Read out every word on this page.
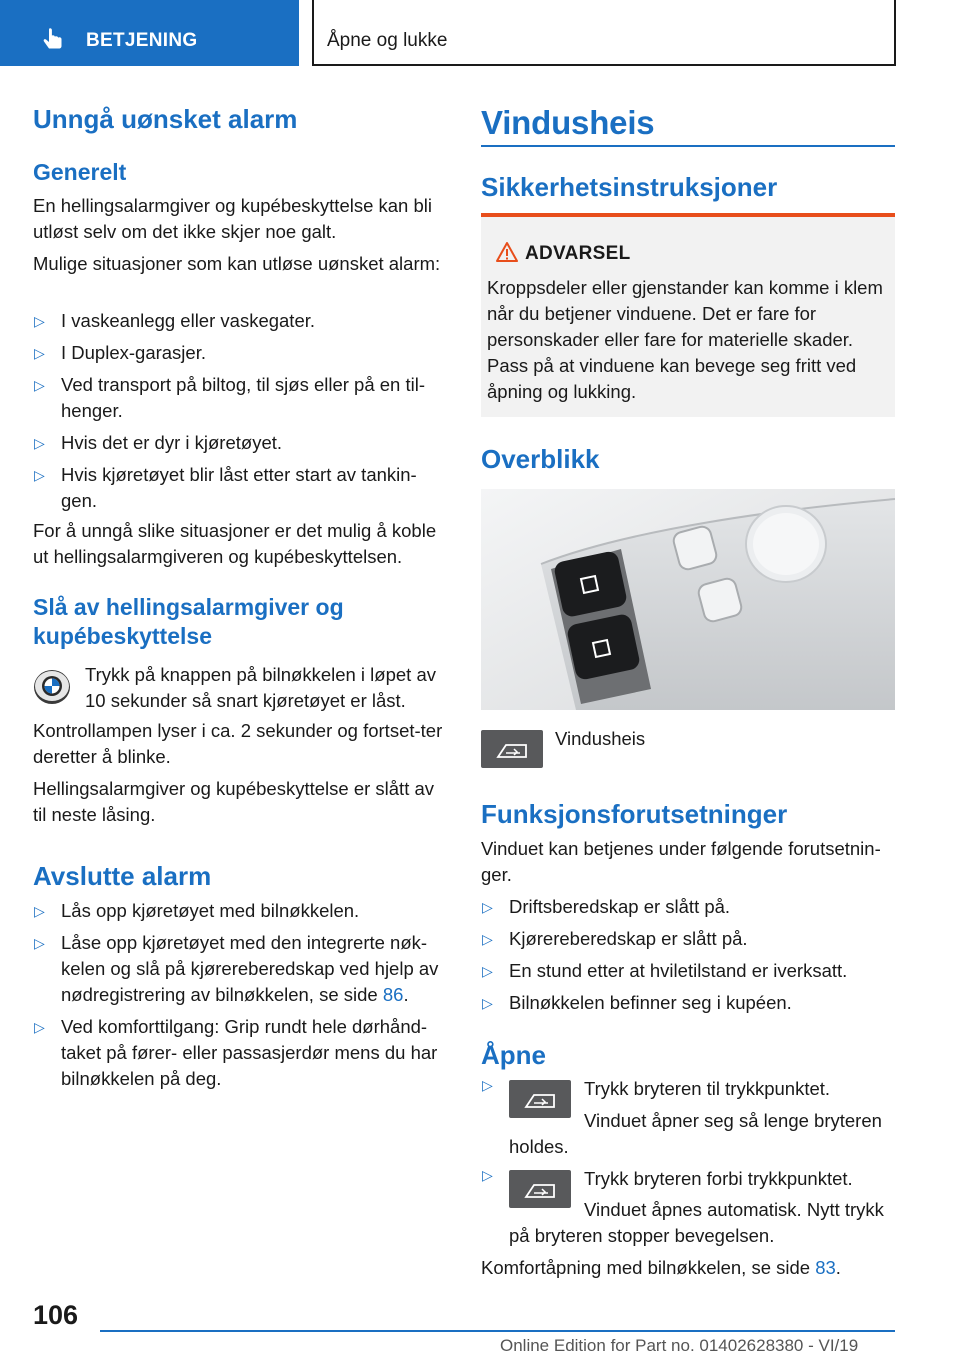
BETJENING	Åpne og lukke
Unngå uønsket alarm
Generelt

En hellingsalarmgiver og kupébeskyttelse kan bli utløst selv om det ikke skjer noe galt.

Mulige situasjoner som kan utløse uønsket alarm:

▷ I vaskeanlegg eller vaskegater.
▷ I Duplex-garasjer.
▷ Ved transport på biltog, til sjøs eller på en til-henger.
▷ Hvis det er dyr i kjøretøyet.
▷ Hvis kjøretøyet blir låst etter start av tankin-gen.

For å unngå slike situasjoner er det mulig å koble ut hellingsalarmgiveren og kupébeskyttelsen.

Slå av hellingsalarmgiver og kupébeskyttelse

Trykk på knappen på bilnøkkelen i løpet av 10 sekunder så snart kjøretøyet er låst.

Kontrollampen lyser i ca. 2 sekunder og fortset-ter deretter å blinke.

Hellingsalarmgiver og kupébeskyttelse er slått av til neste låsing.

Avslutte alarm
▷ Lås opp kjøretøyet med bilnøkkelen.
▷ Låse opp kjøretøyet med den integrerte nøk-kelen og slå på kjørereberedskap ved hjelp av nødregistrering av bilnøkkelen, se side 86.
▷ Ved komforttilgang: Grip rundt hele dørhånd-taket på fører- eller passasjerdør mens du har bilnøkkelen på deg.
Vindusheis
Sikkerhetsinstruksjoner
ADVARSEL
Kroppsdeler eller gjenstander kan komme i klem når du betjener vinduene. Det er fare for personskader eller fare for materielle skader. Pass på at vinduene kan bevege seg fritt ved åpning og lukking.
Overblikk

Vindusheis

Funksjonsforutsetninger

Vinduet kan betjenes under følgende forutsetnin-ger.

▷ Driftsberedskap er slått på.
▷ Kjørereberedskap er slått på.
▷ En stund etter at hviletilstand er iverksatt.
▷ Bilnøkkelen befinner seg i kupéen.
Åpne
▷	Trykk bryteren til trykkpunktet.

Vinduet åpner seg så lenge bryteren

holdes.

▷	Trykk bryteren forbi trykkpunktet.

Vinduet åpnes automatisk. Nytt trykk

på bryteren stopper bevegelsen.

Komfortåpning med bilnøkkelen, se side 83.

106
Online Edition for Part no. 01402628380 - VI/19
